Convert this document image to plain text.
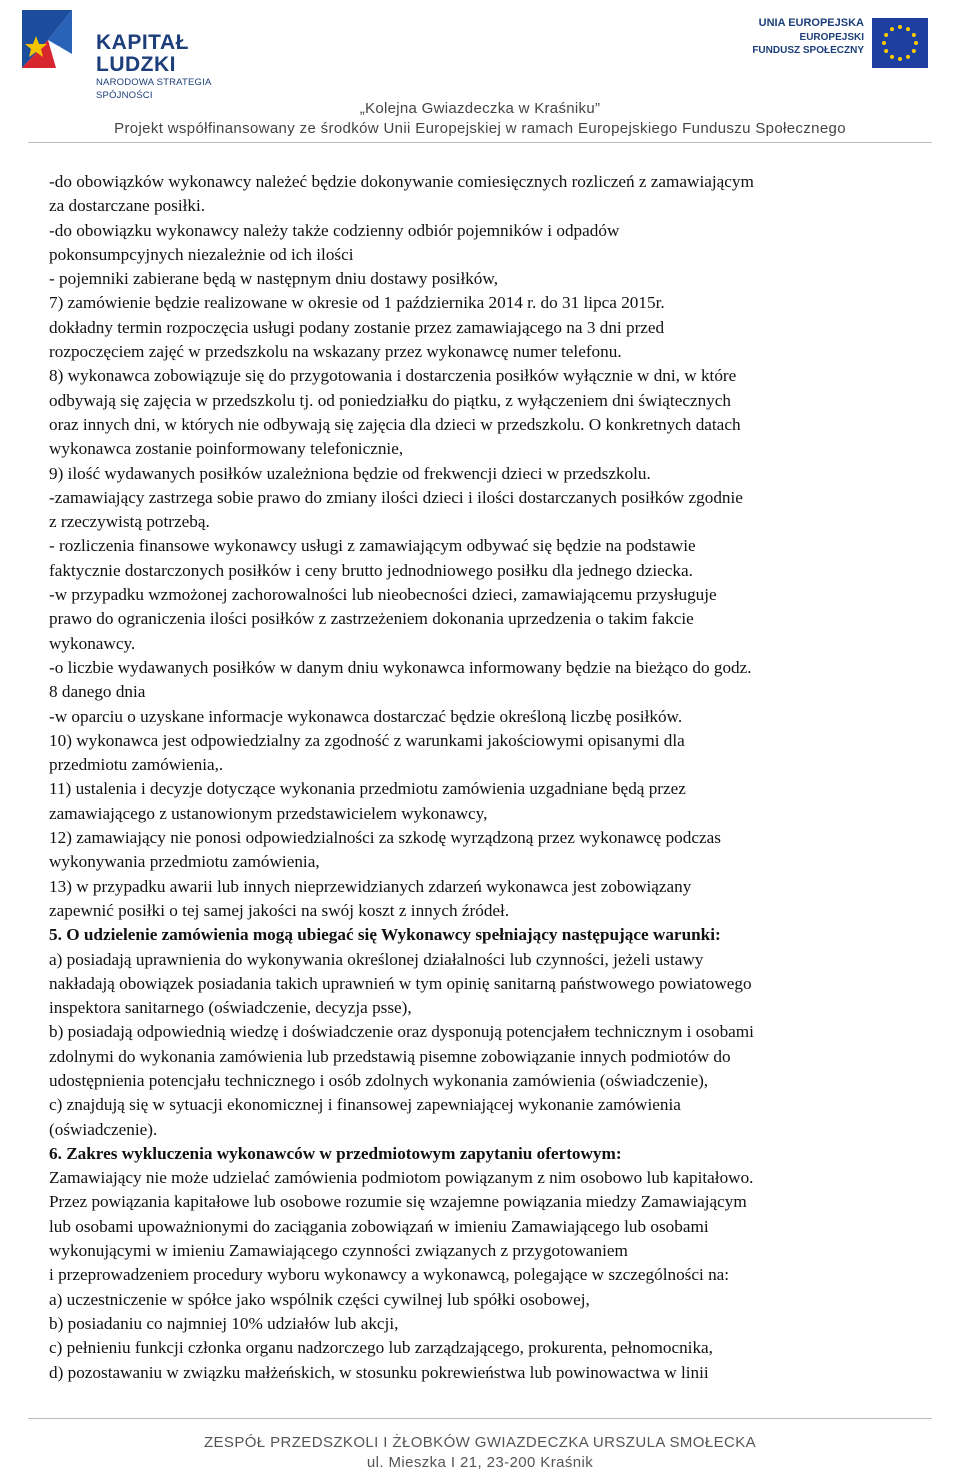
KAPITAŁ LUDZKI
NARODOWA STRATEGIA SPÓJNOŚCI
UNIA EUROPEJSKA
EUROPEJSKI
FUNDUSZ SPOŁECZNY
„Kolejna Gwiazdeczka w Kraśniku”
Projekt współfinansowany ze środków Unii Europejskiej w ramach Europejskiego Funduszu Społecznego
-do obowiązków wykonawcy należeć będzie dokonywanie comiesięcznych rozliczeń z zamawiającym
za dostarczane posiłki.
-do obowiązku wykonawcy należy także codzienny odbiór pojemników i odpadów
pokonsumpcyjnych niezależnie od ich ilości
- pojemniki zabierane będą w następnym dniu dostawy posiłków,
7) zamówienie będzie realizowane w okresie od 1 października 2014 r. do 31 lipca 2015r.
dokładny termin rozpoczęcia usługi podany zostanie przez zamawiającego na 3 dni przed
rozpoczęciem zajęć w przedszkolu na wskazany przez wykonawcę numer telefonu.
8) wykonawca zobowiązuje się do przygotowania i dostarczenia posiłków wyłącznie w dni, w które
odbywają się zajęcia w przedszkolu tj. od poniedziałku do piątku, z wyłączeniem dni świątecznych
oraz innych dni, w których nie odbywają się zajęcia dla dzieci w przedszkolu. O konkretnych datach
wykonawca zostanie poinformowany telefonicznie,
9) ilość wydawanych posiłków uzależniona będzie od frekwencji dzieci w przedszkolu.
-zamawiający zastrzega sobie prawo do zmiany ilości dzieci i ilości dostarczanych posiłków zgodnie
z rzeczywistą potrzebą.
- rozliczenia finansowe wykonawcy usługi z zamawiającym odbywać się będzie na podstawie
faktycznie dostarczonych posiłków i ceny brutto jednodniowego posiłku dla jednego dziecka.
-w przypadku wzmożonej zachorowalności lub nieobecności dzieci, zamawiającemu przysługuje
prawo do ograniczenia ilości posiłków z zastrzeżeniem dokonania uprzedzenia o takim fakcie
wykonawcy.
-o liczbie wydawanych posiłków w danym dniu wykonawca informowany będzie na bieżąco do godz.
8 danego dnia
-w oparciu o uzyskane informacje wykonawca dostarczać będzie określoną liczbę posiłków.
10) wykonawca jest odpowiedzialny za zgodność z warunkami jakościowymi opisanymi dla
przedmiotu zamówienia,.
11) ustalenia i decyzje dotyczące wykonania przedmiotu zamówienia uzgadniane będą przez
zamawiającego z ustanowionym przedstawicielem wykonawcy,
12) zamawiający nie ponosi odpowiedzialności za szkodę wyrządzoną przez wykonawcę podczas
wykonywania przedmiotu zamówienia,
13) w przypadku awarii lub innych nieprzewidzianych zdarzeń wykonawca jest zobowiązany
zapewnić posiłki o tej samej jakości na swój koszt z innych źródeł.
5. O udzielenie zamówienia mogą ubiegać się Wykonawcy spełniający następujące warunki:
a) posiadają uprawnienia do wykonywania określonej działalności lub czynności, jeżeli ustawy
nakładają obowiązek posiadania takich uprawnień w tym opinię sanitarną państwowego powiatowego
inspektora sanitarnego (oświadczenie, decyzja psse),
b) posiadają odpowiednią wiedzę i doświadczenie oraz dysponują potencjałem technicznym i osobami
zdolnymi do wykonania zamówienia lub przedstawią pisemne zobowiązanie innych podmiotów do
udostępnienia potencjału technicznego i osób zdolnych wykonania zamówienia (oświadczenie),
c) znajdują się w sytuacji ekonomicznej i finansowej zapewniającej wykonanie zamówienia
(oświadczenie).
6. Zakres wykluczenia wykonawców w przedmiotowym zapytaniu ofertowym:
Zamawiający nie może udzielać zamówienia podmiotom powiązanym z nim osobowo lub kapitałowo.
Przez powiązania kapitałowe lub osobowe rozumie się wzajemne powiązania miedzy Zamawiającym
lub osobami upoważnionymi do zaciągania zobowiązań w imieniu Zamawiającego lub osobami
wykonującymi w imieniu Zamawiającego czynności związanych z przygotowaniem
i przeprowadzeniem procedury wyboru wykonawcy a wykonawcą, polegające w szczególności na:
a) uczestniczenie w spółce jako wspólnik części cywilnej lub spółki osobowej,
b) posiadaniu co najmniej 10% udziałów lub akcji,
c) pełnieniu funkcji członka organu nadzorczego lub zarządzającego, prokurenta, pełnomocnika,
d) pozostawaniu w związku małżeńskich, w stosunku pokrewieństwa lub powinowactwa w linii
ZESPÓŁ PRZEDSZKOLI I ŻŁOBKÓW GWIAZDECZKA URSZULA SMOŁECKA
ul. Mieszka I 21, 23-200 Kraśnik
